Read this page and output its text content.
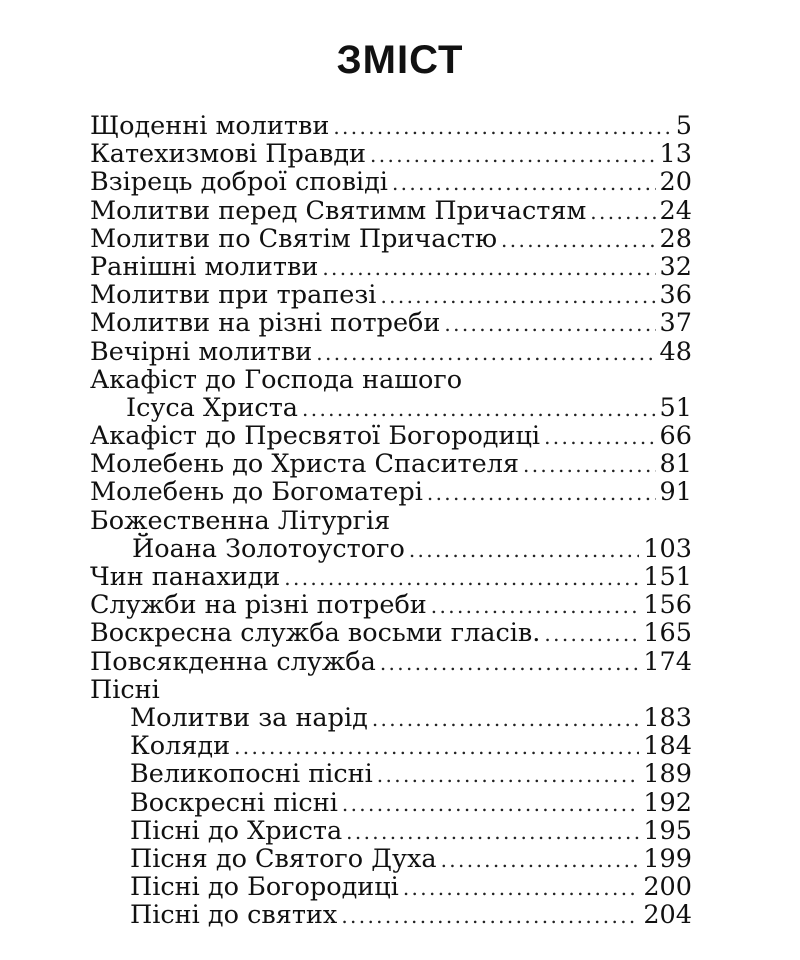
ЗМІСТ
Щоденні молитви . . .	5
Катехизмові Правди . . .	13
Взірець доброї сповіді . . .	20
Молитви перед Святимм Причастям . . .	24
Молитви по Святім Причастю . . .	28
Ранішні молитви . . .	32
Молитви при трапезі . . .	36
Молитви на різні потреби . . .	37
Вечірні молитви . . .	48
Акафіст до Господа нашого
Ісуса Христа . . .	51
Акафіст до Пресвятої Богородиці . . .	66
Молебень до Христа Спасителя . . .	81
Молебень до Богоматері . . .	91
Божественна Літургія
Йоана Золотоустого . . .	103
Чин панахиди . . .	151
Служби на різні потреби . . .	156
Воскресна служба восьми гласів. . . .	165
Повсякденна служба . . .	174
Пісні
Молитви за нарід . . .	183
Коляди . . .	184
Великопосні пісні . . .	189
Воскресні пісні . . .	192
Пісні до Христа . . .	195
Пісня до Святого Духа . . .	199
Пісні до Богородиці . . .	200
Пісні до святих . . .	204
